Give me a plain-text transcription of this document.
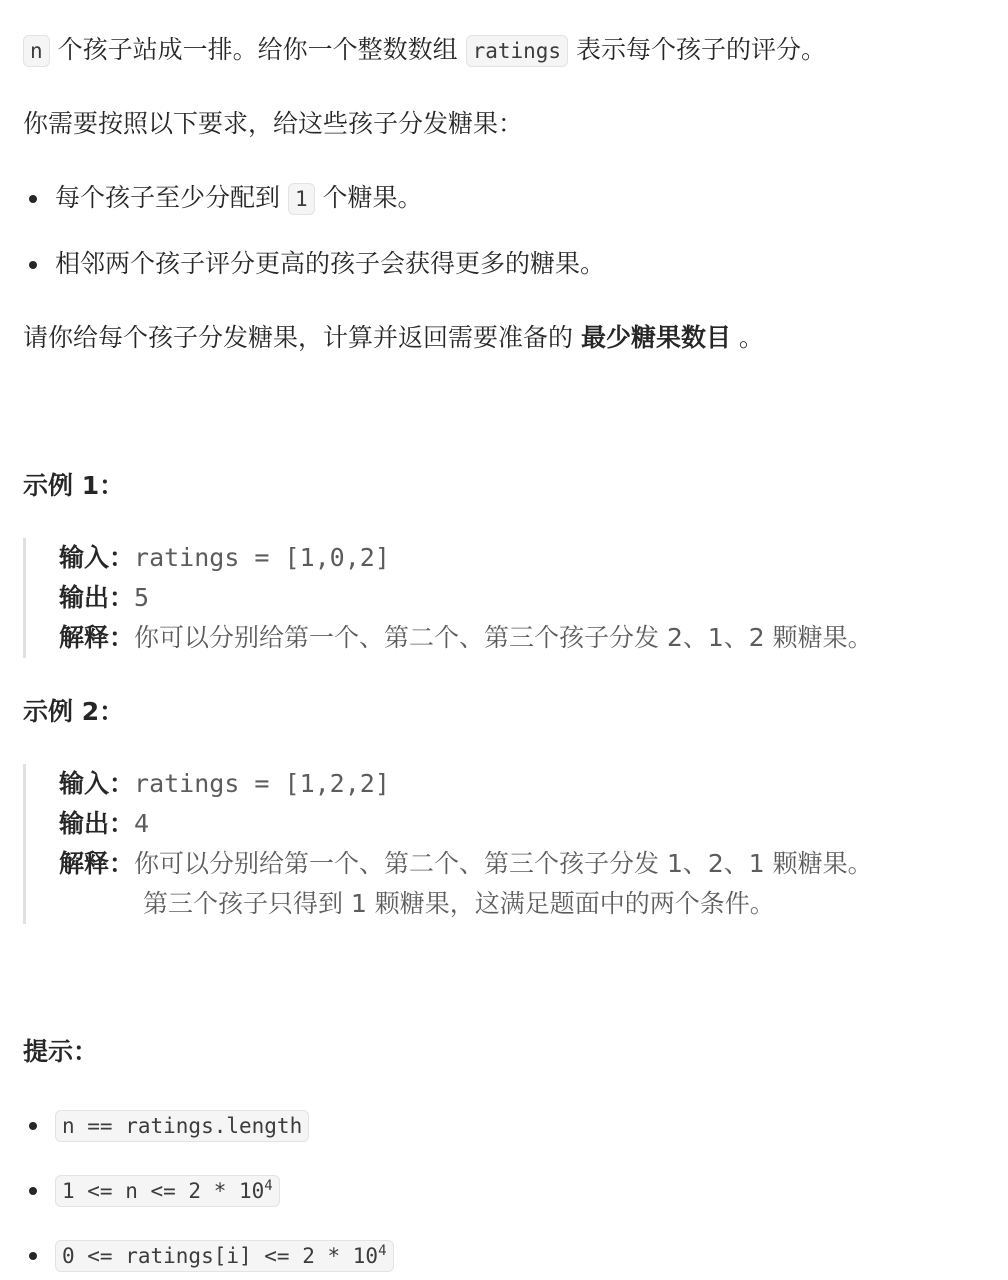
n 个孩子站成一排。给你一个整数数组 ratings 表示每个孩子的评分。

你需要按照以下要求，给这些孩子分发糖果：

每个孩子至少分配到 1 个糖果。
相邻两个孩子评分更高的孩子会获得更多的糖果。

请你给每个孩子分发糖果，计算并返回需要准备的 最少糖果数目 。

示例 1：
输入：ratings = [1,0,2]
输出：5
解释：你可以分别给第一个、第二个、第三个孩子分发 2、1、2 颗糖果。
示例 2：
输入：ratings = [1,2,2]
输出：4
解释：你可以分别给第一个、第二个、第三个孩子分发 1、2、1 颗糖果。
第三个孩子只得到 1 颗糖果，这满足题面中的两个条件。
提示：
n == ratings.length
$1 <= n <= 2 * 10^4$
0 <= ratings[i] <= $2 * 10^4$
